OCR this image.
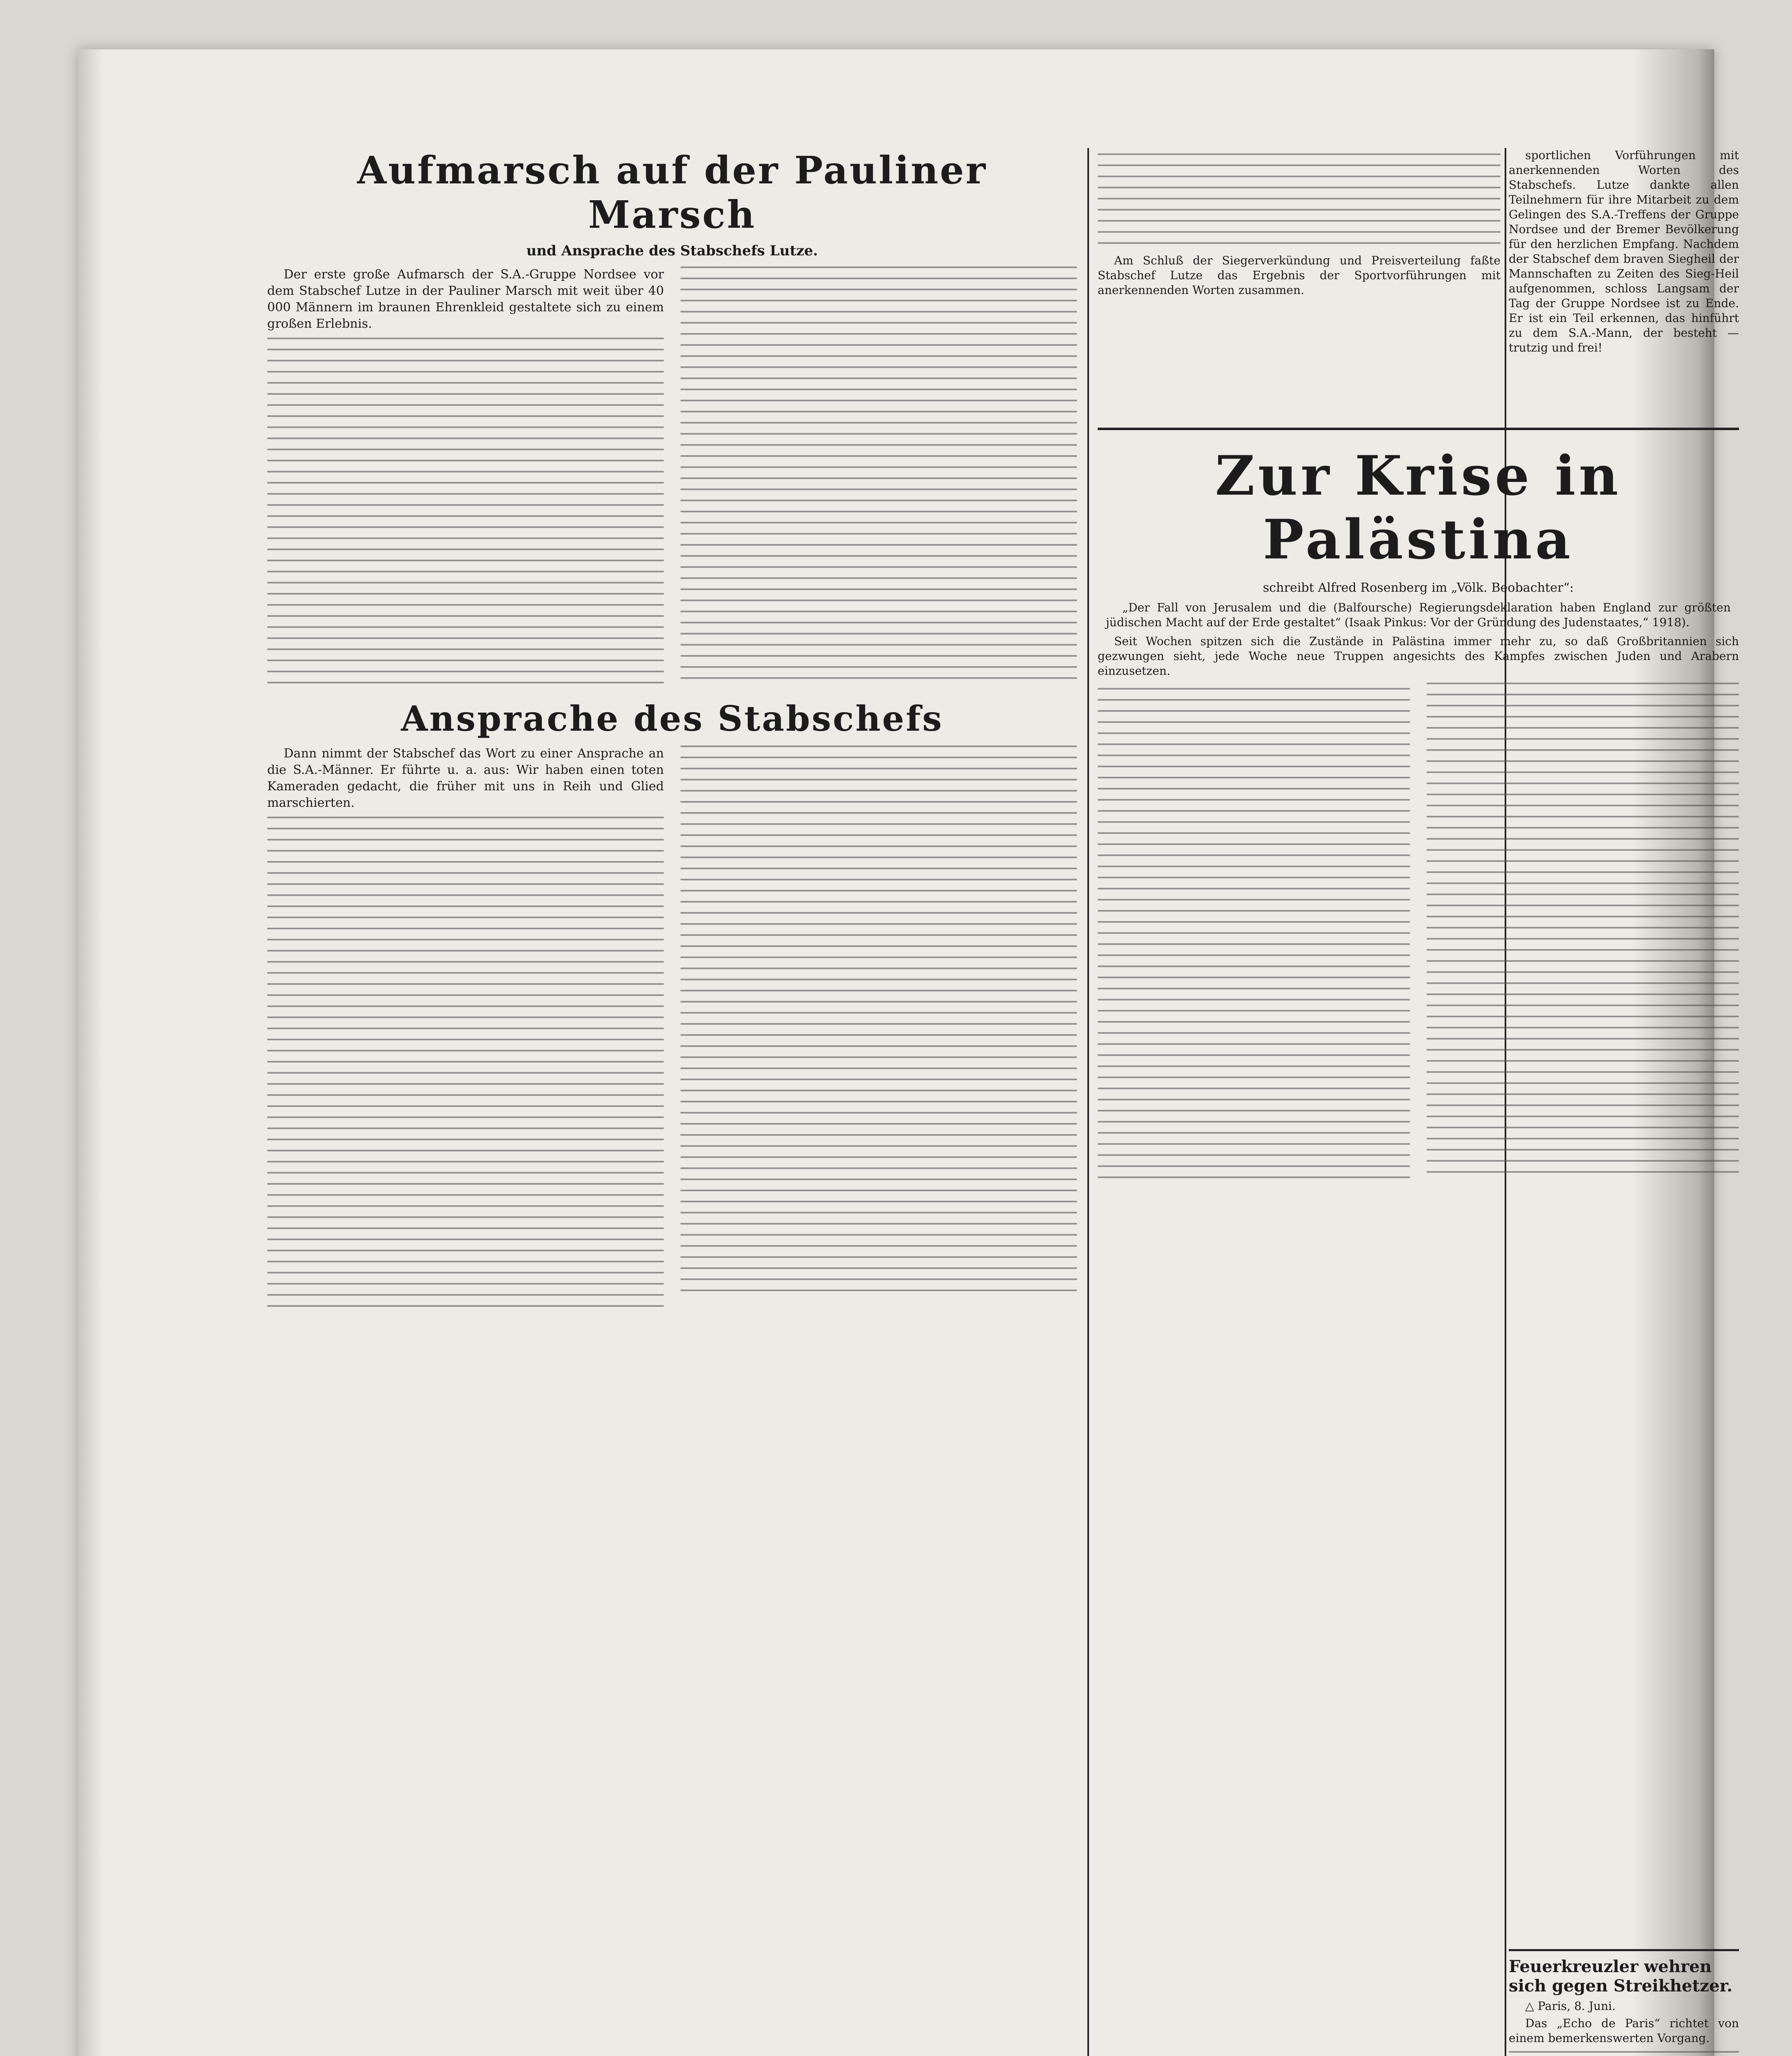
Aufmarsch auf der Pauliner Marsch
und Ansprache des Stabschefs Lutze.

Der erste große Aufmarsch der S.A.-Gruppe Nordsee vor dem Stabschef Lutze in der Pauliner Marsch mit weit über 40 000 Männern im braunen Ehrenkleid gestaltete sich zu einem großen Erlebnis.

Ansprache des Stabschefs

Dann nimmt der Stabschef das Wort zu einer Ansprache an die S.A.-Männer. Er führte u. a. aus: Wir haben einen toten Kameraden gedacht, die früher mit uns in Reih und Glied marschierten.

Am Schluß der Siegerverkündung und Preisverteilung faßte Stabschef Lutze das Ergebnis der Sportvorführungen mit anerkennenden Worten zusammen.

Zur Krise in Palästina
schreibt Alfred Rosenberg im „Völk. Beobachter“:

„Der Fall von Jerusalem und die (Balfoursche) Regierungsdeklaration haben England zur größten jüdischen Macht auf der Erde gestaltet“ (Isaak Pinkus: Vor der Gründung des Judenstaates,“ 1918).

Seit Wochen spitzen sich die Zustände in Palästina immer mehr zu, so daß Großbritannien sich gezwungen sieht, jede Woche neue Truppen angesichts des Kampfes zwischen Juden und Arabern einzusetzen.

sportlichen Vorführungen mit anerkennenden Worten des Stabschefs. Lutze dankte allen Teilnehmern für ihre Mitarbeit zu dem Gelingen des S.A.-Treffens der Gruppe Nordsee und der Bremer Bevölkerung für den herzlichen Empfang. Nachdem der Stabschef dem braven Siegheil der Mannschaften zu Zeiten des Sieg-Heil aufgenommen, schloss Langsam der Tag der Gruppe Nordsee ist zu Ende. Er ist ein Teil erkennen, das hinführt zu dem S.A.-Mann, der besteht — trutzig und frei!

Feuerkreuzler wehren sich gegen Streikhetzer.

△ Paris, 8. Juni.

Das „Echo de Paris“ richtet von einem bemerkenswerten Vorgang.
